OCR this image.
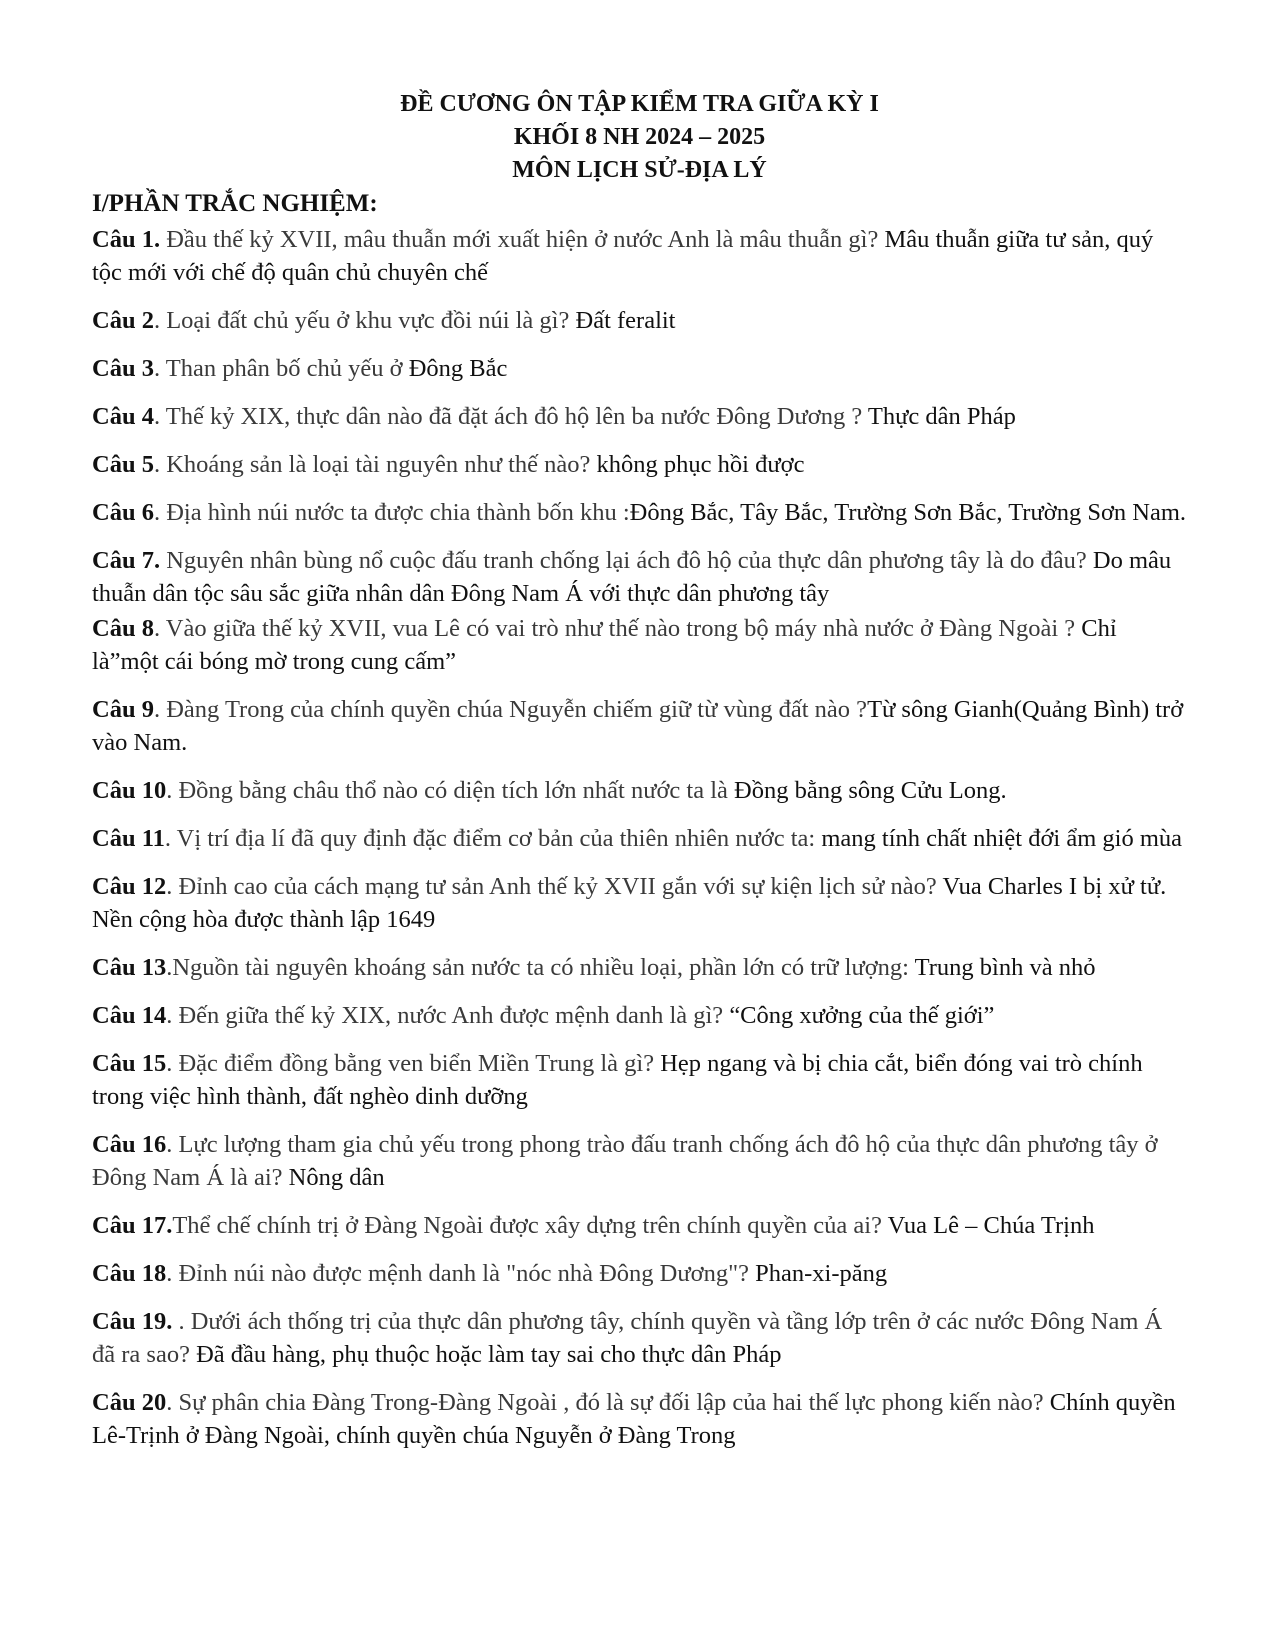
ĐỀ CƯƠNG ÔN TẬP KIỂM TRA GIỮA KỲ I
KHỐI 8 NH 2024 – 2025
MÔN LỊCH SỬ-ĐỊA LÝ
I/PHẦN TRẮC NGHIỆM:
Câu 1. Đầu thế kỷ XVII, mâu thuẫn mới xuất hiện ở nước Anh là mâu thuẫn gì? Mâu thuẫn giữa tư sản, quý tộc mới với chế độ quân chủ chuyên chế
Câu 2. Loại đất chủ yếu ở khu vực đồi núi là gì? Đất feralit
Câu 3. Than phân bố chủ yếu ở Đông Bắc
Câu 4. Thế kỷ XIX, thực dân nào đã đặt ách đô hộ lên ba nước Đông Dương ? Thực dân Pháp
Câu 5. Khoáng sản là loại tài nguyên như thế nào? không phục hồi được
Câu 6. Địa hình núi nước ta được chia thành bốn khu :Đông Bắc, Tây Bắc, Trường Sơn Bắc, Trường Sơn Nam.
Câu 7. Nguyên nhân bùng nổ cuộc đấu tranh chống lại ách đô hộ của thực dân phương tây là do đâu? Do mâu thuẫn dân tộc sâu sắc giữa nhân dân Đông Nam Á với thực dân phương tây
Câu 8. Vào giữa thế kỷ XVII, vua Lê có vai trò như thế nào trong bộ máy nhà nước ở Đàng Ngoài ? Chỉ là”một cái bóng mờ trong cung cấm”
Câu 9. Đàng Trong của chính quyền chúa Nguyễn chiếm giữ từ vùng đất nào ?Từ sông Gianh(Quảng Bình) trở vào Nam.
Câu 10. Đồng bằng châu thổ nào có diện tích lớn nhất nước ta là Đồng bằng sông Cửu Long.
Câu 11. Vị trí địa lí đã quy định đặc điểm cơ bản của thiên nhiên nước ta: mang tính chất nhiệt đới ẩm gió mùa
Câu 12. Đỉnh cao của cách mạng tư sản Anh thế kỷ XVII gắn với sự kiện lịch sử nào? Vua Charles I bị xử tử. Nền cộng hòa được thành lập 1649
Câu 13.Nguồn tài nguyên khoáng sản nước ta có nhiều loại, phần lớn có trữ lượng: Trung bình và nhỏ
Câu 14. Đến giữa thế kỷ XIX, nước Anh được mệnh danh là gì? “Công xưởng của thế giới”
Câu 15. Đặc điểm đồng bằng ven biển Miền Trung là gì? Hẹp ngang và bị chia cắt, biển đóng vai trò chính trong việc hình thành, đất nghèo dinh dưỡng
Câu 16. Lực lượng tham gia chủ yếu trong phong trào đấu tranh chống ách đô hộ của thực dân phương tây ở Đông Nam Á là ai? Nông dân
Câu 17.Thể chế chính trị ở Đàng Ngoài được xây dựng trên chính quyền của ai? Vua Lê – Chúa Trịnh
Câu 18. Đỉnh núi nào được mệnh danh là "nóc nhà Đông Dương"? Phan-xi-păng
Câu 19. . Dưới ách thống trị của thực dân phương tây, chính quyền và tầng lớp trên ở các nước Đông Nam Á đã ra sao? Đã đầu hàng, phụ thuộc hoặc làm tay sai cho thực dân Pháp
Câu 20. Sự phân chia Đàng Trong-Đàng Ngoài , đó là sự đối lập của hai thế lực phong kiến nào? Chính quyền Lê-Trịnh ở Đàng Ngoài, chính quyền chúa Nguyễn ở Đàng Trong
